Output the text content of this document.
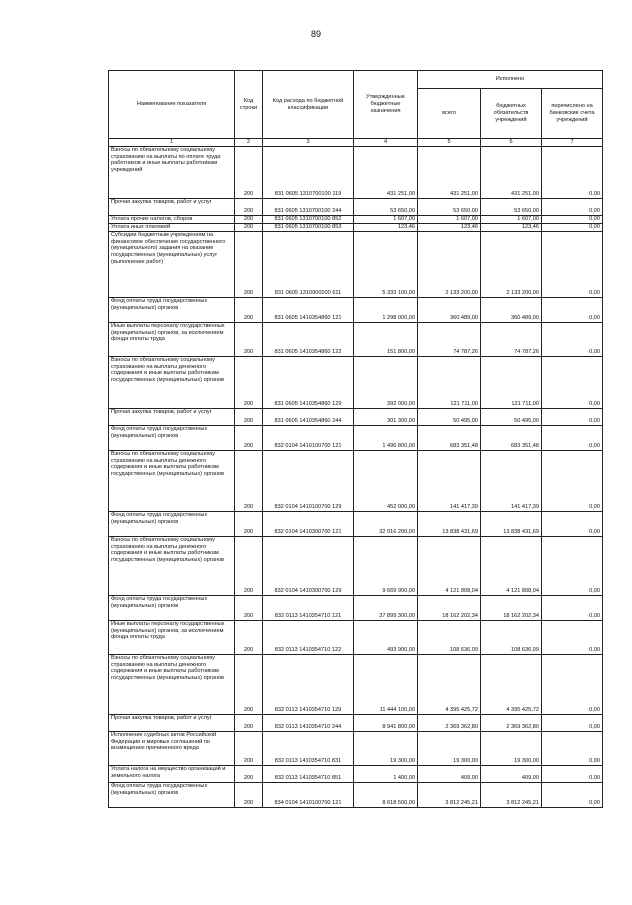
89
Наименование показателя	Код строки	Код расхода по бюджетной классификации	Утвержденные бюджетные назначения	Исполнено		
				всего	бюджетных обязательств учреждений	перечислено на банковские счета учреждений
1	2	3	4	5	6	7
Взносы по обязательному социальному страхованию на выплаты по оплате труда работников и иные выплаты работникам учреждений	200	831 0605 1310700100 119	431 251,00	431 251,00	431 251,00	0,00
Прочая закупка товаров, работ и услуг	200	831 0605 1310700100 244	53 650,00	53 650,00	53 650,00	0,00
Уплата прочих налогов, сборов	200	831 0605 1310700100 852	1 607,00	1 607,00	1 607,00	0,00
Уплата иных платежей	200	831 0605 1310700100 853	123,46	123,46	123,46	0,00
Субсидии бюджетным учреждениям на финансовое обеспечение государственного (муниципального) задания на оказание государственных (муниципальных) услуг (выполнение работ)	200	831 0605 1310900200 611	5 333 100,00	2 133 200,00	2 133 200,00	0,00
Фонд оплаты труда государственных (муниципальных) органов	200	831 0605 1410354860 121	1 298 000,00	360 489,00	360 489,00	0,00
Иные выплаты персоналу государственных (муниципальных) органов, за исключением фонда оплаты труда	200	831 0605 1410354860 122	151 800,00	74 787,26	74 787,26	0,00
Взносы по обязательному социальному страхованию на выплаты денежного содержания и иные выплаты работникам государственных (муниципальных) органов	200	831 0605 1410354860 129	392 000,00	121 711,00	121 711,00	0,00
Прочая закупка товаров, работ и услуг	200	831 0605 1410354860 244	301 300,00	50 495,00	50 495,00	0,00
Фонд оплаты труда государственных (муниципальных) органов	200	832 0104 1410100700 121	1 496 800,00	683 351,48	683 351,48	0,00
Взносы по обязательному социальному страхованию на выплаты денежного содержания и иные выплаты работникам государственных (муниципальных) органов	200	832 0104 1410100700 129	452 000,00	141 417,39	141 417,39	0,00
Фонд оплаты труда государственных (муниципальных) органов	200	832 0104 1410300700 121	32 016 200,00	13 838 431,69	13 838 431,69	0,00
Взносы по обязательному социальному страхованию на выплаты денежного содержания и иные выплаты работникам государственных (муниципальных) органов	200	832 0104 1410300700 129	9 669 900,00	4 121 808,04	4 121 808,04	0,00
Фонд оплаты труда государственных (муниципальных) органов	200	832 0113 1410354710 121	37 899 300,00	18 162 202,34	18 162 202,34	0,00
Иные выплаты персоналу государственных (муниципальных) органов, за исключением фонда оплаты труда	200	832 0113 1410354710 122	493 900,00	108 636,09	108 636,09	0,00
Взносы по обязательному социальному страхованию на выплаты денежного содержания и иные выплаты работникам государственных (муниципальных) органов	200	832 0113 1410354710 129	11 444 100,00	4 395 425,72	4 395 425,72	0,00
Прочая закупка товаров, работ и услуг	200	832 0113 1410354710 244	8 941 800,00	2 369 362,80	2 369 362,80	0,00
Исполнение судебных актов Российской Федерации и мировых соглашений по возмещению причиненного вреда	200	832 0113 1410354710 831	19 300,00	19 300,00	19 300,00	0,00
Уплата налога на имущество организаций и земельного налога	200	832 0113 1410354710 851	1 400,00	409,00	409,00	0,00
Фонд оплаты труда государственных (муниципальных) органов	200	834 0104 1410100700 121	8 618 500,00	3 812 245,21	3 812 245,21	0,00
